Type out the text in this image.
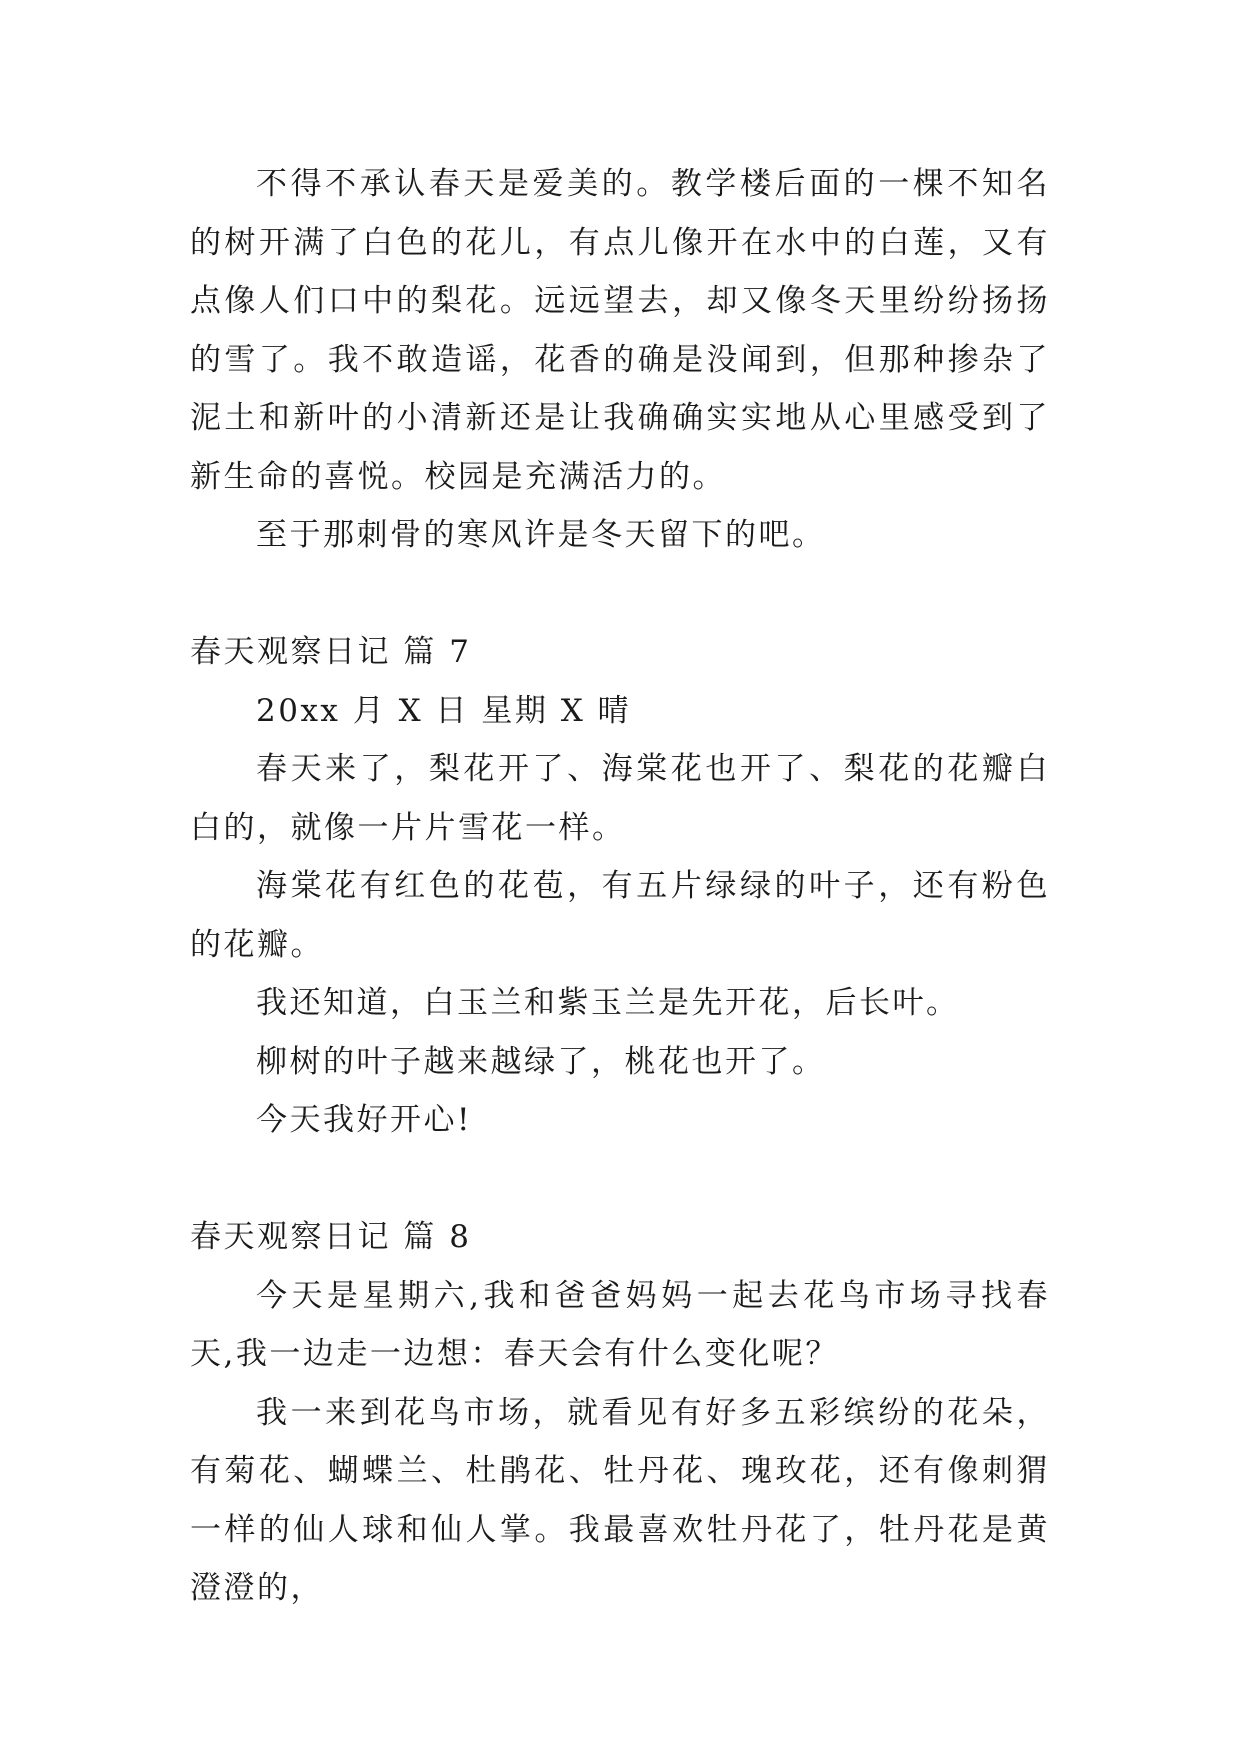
不得不承认春天是爱美的。教学楼后面的一棵不知名的树开满了白色的花儿，有点儿像开在水中的白莲，又有点像人们口中的梨花。远远望去，却又像冬天里纷纷扬扬的雪了。我不敢造谣，花香的确是没闻到，但那种掺杂了泥土和新叶的小清新还是让我确确实实地从心里感受到了新生命的喜悦。校园是充满活力的。

至于那刺骨的寒风许是冬天留下的吧。

春天观察日记 篇 7

20xx 月 X 日 星期 X 晴

春天来了，梨花开了、海棠花也开了、梨花的花瓣白白的，就像一片片雪花一样。

海棠花有红色的花苞，有五片绿绿的叶子，还有粉色的花瓣。

我还知道，白玉兰和紫玉兰是先开花，后长叶。

柳树的叶子越来越绿了，桃花也开了。

今天我好开心!

春天观察日记 篇 8

今天是星期六,我和爸爸妈妈一起去花鸟市场寻找春天,我一边走一边想：春天会有什么变化呢？

我一来到花鸟市场，就看见有好多五彩缤纷的花朵，有菊花、蝴蝶兰、杜鹃花、牡丹花、瑰玫花，还有像刺猬一样的仙人球和仙人掌。我最喜欢牡丹花了，牡丹花是黄澄澄的，
